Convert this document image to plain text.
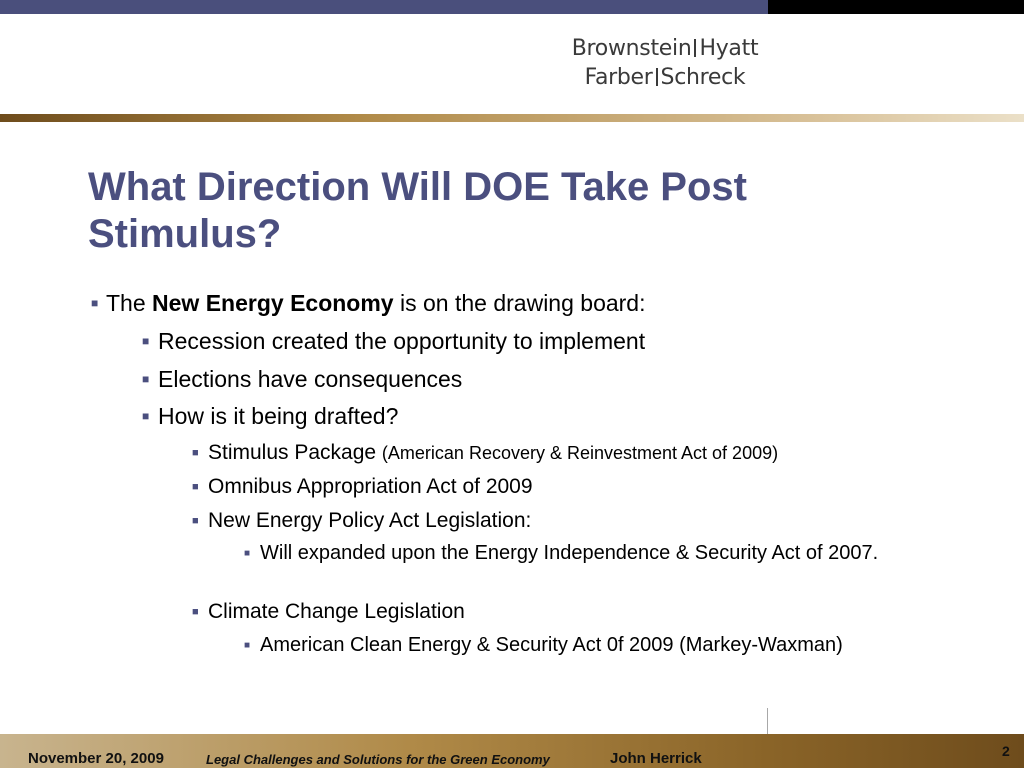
Brownstein Hyatt
Farber Schreck
What Direction Will DOE Take Post Stimulus?
■ The New Energy Economy is on the drawing board:
■ Recession created the opportunity to implement
■ Elections have consequences
■ How is it being drafted?
■ Stimulus Package (American Recovery & Reinvestment Act of 2009)
■ Omnibus Appropriation Act of 2009
■ New Energy Policy Act Legislation:
■ Will expanded upon the Energy Independence & Security Act of 2007.
■ Climate Change Legislation
■ American Clean Energy & Security Act 0f 2009 (Markey-Waxman)
November 20, 2009	Legal Challenges and Solutions for the Green Economy	John Herrick	2
